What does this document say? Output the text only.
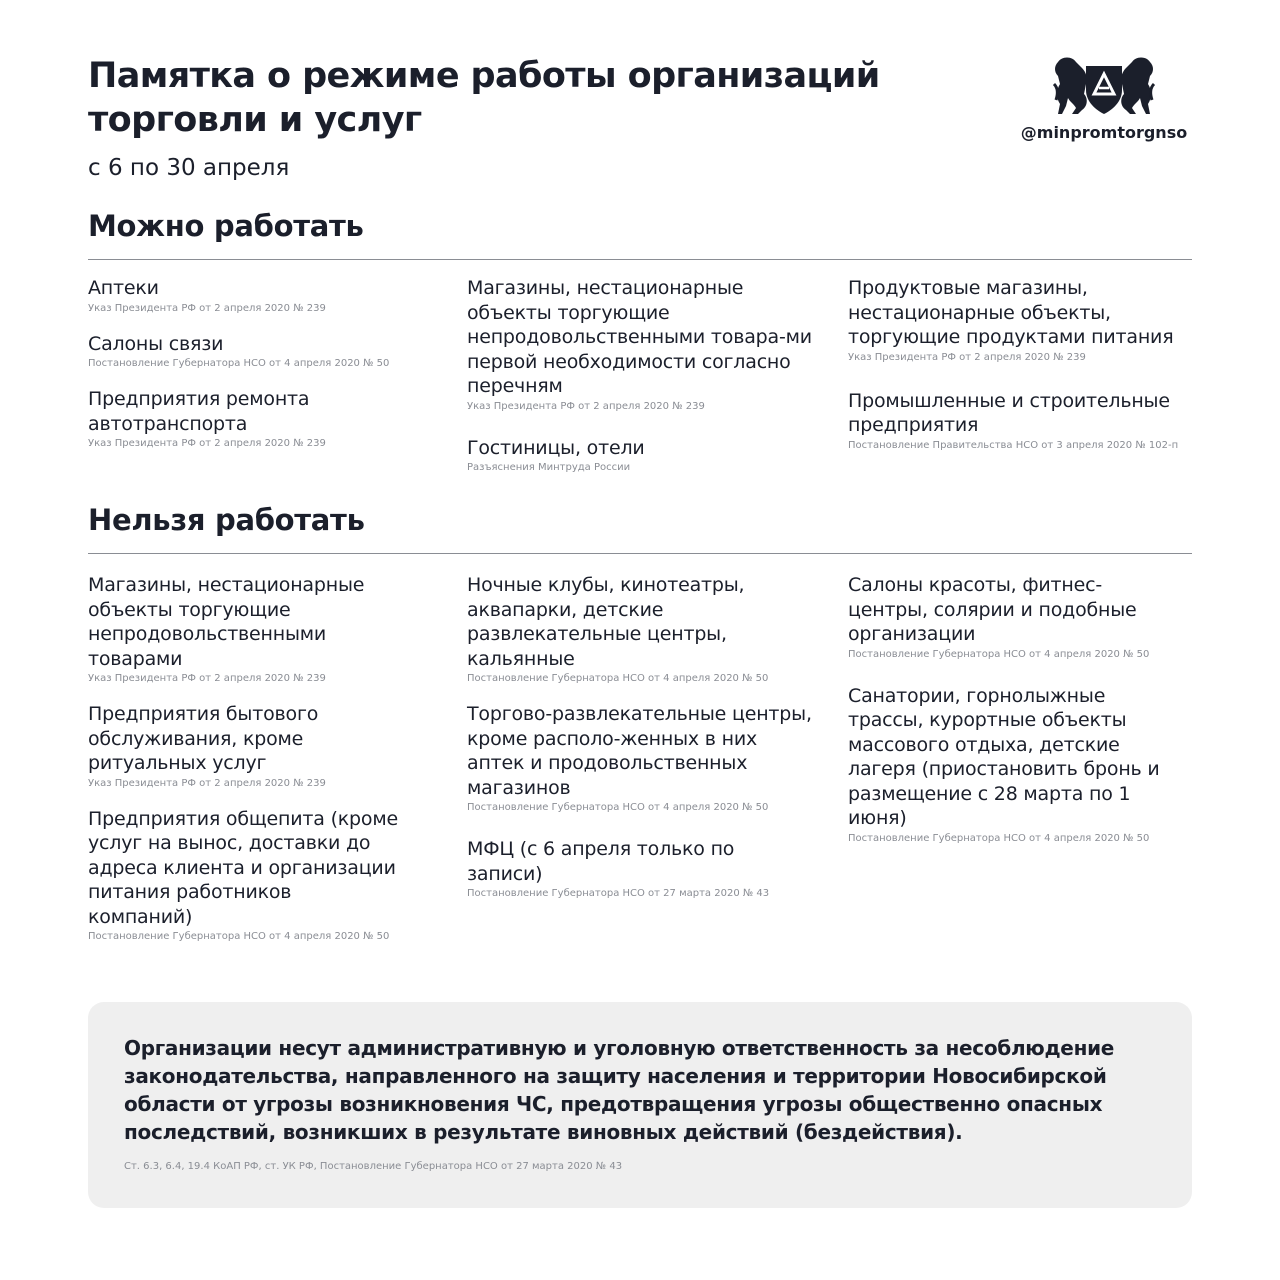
Памятка о режиме работы организаций торговли и услуг
с 6 по 30 апреля
@minpromtorgnso
Можно работать
Аптеки
Указ Президента РФ от 2 апреля 2020 № 239
Салоны связи
Постановление Губернатора НСО от 4 апреля 2020 № 50
Предприятия ремонта автотранспорта
Указ Президента РФ от 2 апреля 2020 № 239
Магазины, нестационарные объекты торгующие непродовольственными товара-ми первой необходимости согласно перечням
Указ Президента РФ от 2 апреля 2020 № 239
Гостиницы, отели
Разъяснения Минтруда России
Продуктовые магазины, нестационарные объекты, торгующие продуктами питания
Указ Президента РФ от 2 апреля 2020 № 239
Промышленные и строительные предприятия
Постановление Правительства НСО от 3 апреля 2020 № 102-п
Нельзя работать
Магазины, нестационарные объекты торгующие непродовольственными товарами
Указ Президента РФ от 2 апреля 2020 № 239
Предприятия бытового обслуживания, кроме ритуальных услуг
Указ Президента РФ от 2 апреля 2020 № 239
Предприятия общепита (кроме услуг на вынос, доставки до адреса клиента и организации питания работников компаний)
Постановление Губернатора НСО от 4 апреля 2020 № 50
Ночные клубы, кинотеатры, аквапарки, детские развлекательные центры, кальянные
Постановление Губернатора НСО от 4 апреля 2020 № 50
Торгово-развлекательные центры, кроме располо-женных в них аптек и продовольственных магазинов
Постановление Губернатора НСО от 4 апреля 2020 № 50
МФЦ (с 6 апреля только по записи)
Постановление Губернатора НСО от 27 марта 2020 № 43
Салоны красоты, фитнес-центры, солярии и подобные организации
Постановление Губернатора НСО от 4 апреля 2020 № 50
Санатории, горнолыжные трассы, курортные объекты массового отдыха, детские лагеря (приостановить бронь и размещение с 28 марта по 1 июня)
Постановление Губернатора НСО от 4 апреля 2020 № 50
Организации несут административную и уголовную ответственность за несоблюдение законодательства, направленного на защиту населения и территории Новосибирской области от угрозы возникновения ЧС, предотвращения угрозы общественно опасных последствий, возникших в результате виновных действий (бездействия).
Ст. 6.3, 6.4, 19.4 КоАП РФ, ст. УК РФ, Постановление Губернатора НСО от 27 марта 2020 № 43
